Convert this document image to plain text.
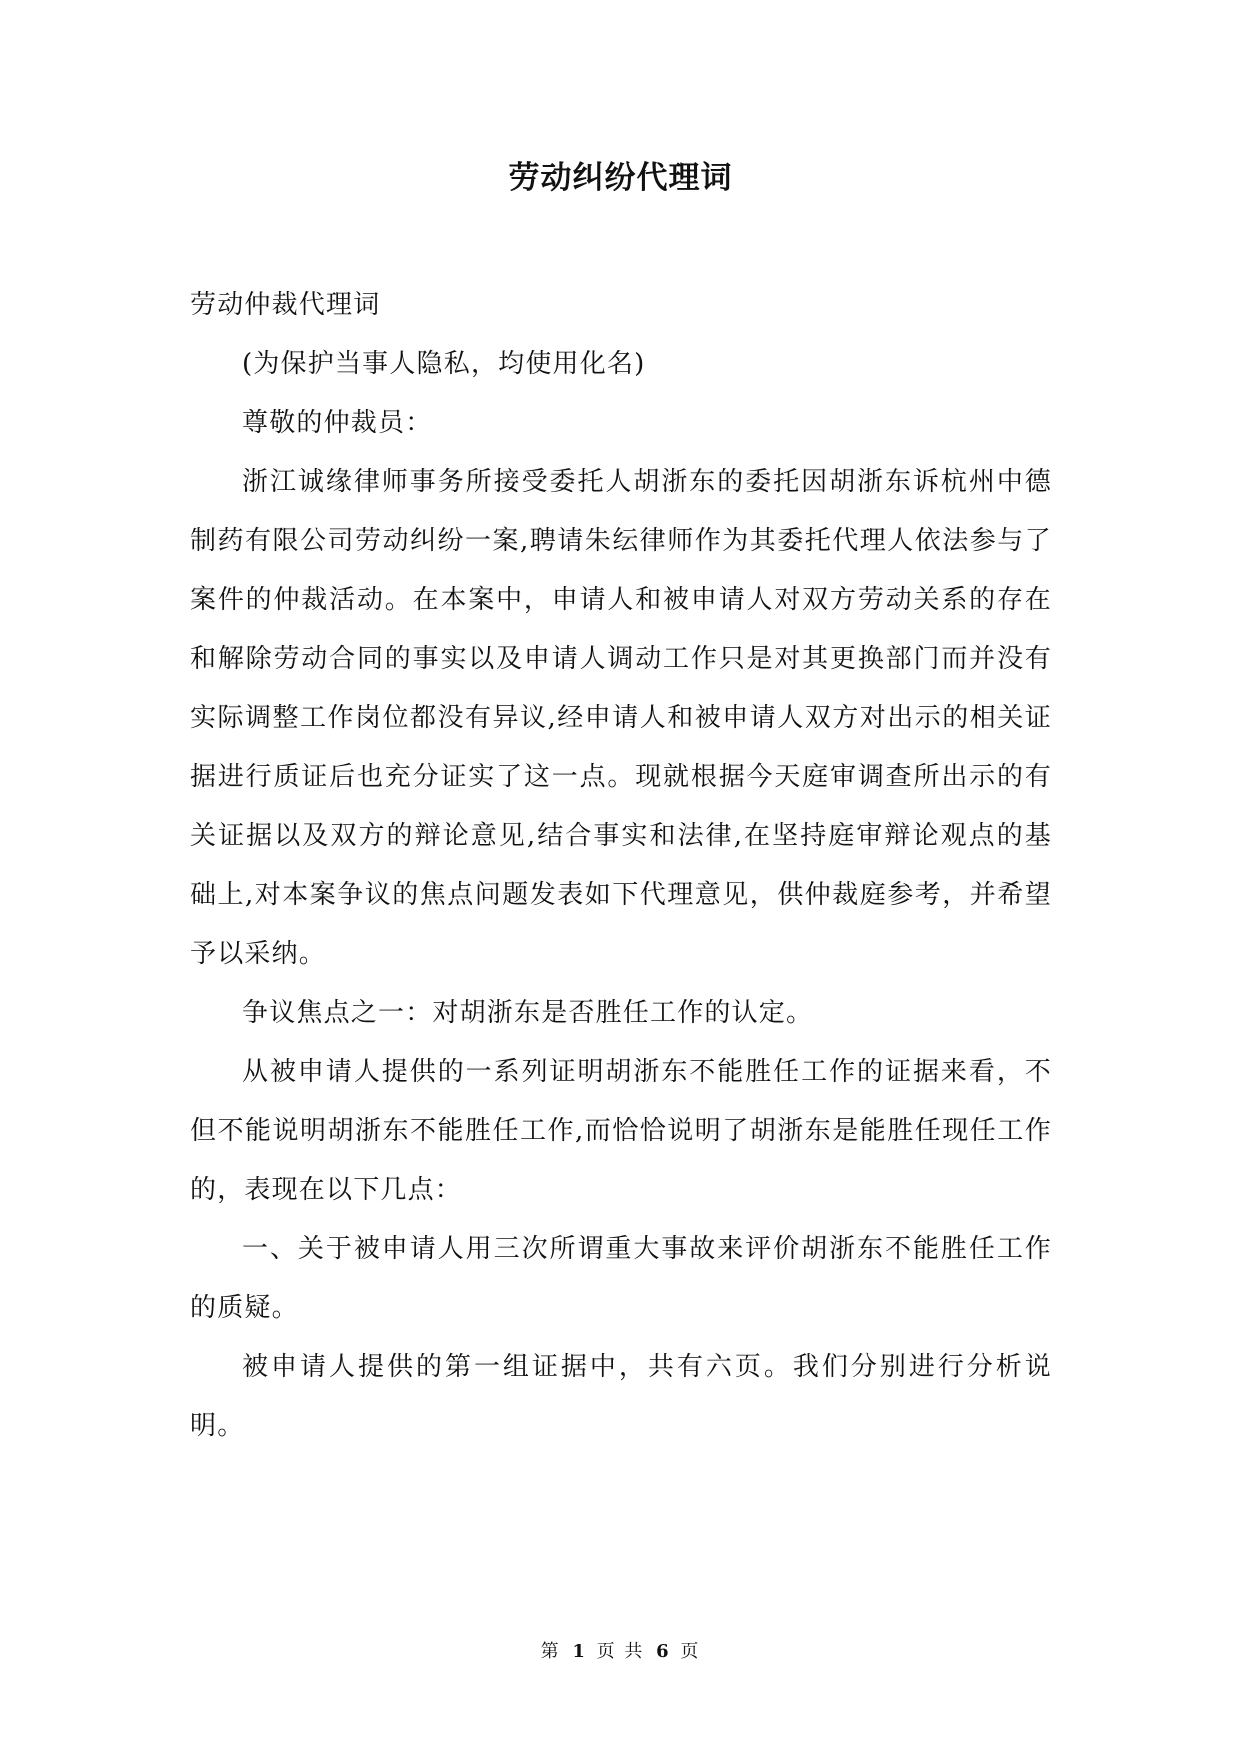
劳动纠纷代理词

劳动仲裁代理词

(为保护当事人隐私，均使用化名)

尊敬的仲裁员：

浙江诚缘律师事务所接受委托人胡浙东的委托因胡浙东诉杭州中德制药有限公司劳动纠纷一案,聘请朱纭律师作为其委托代理人依法参与了案件的仲裁活动。在本案中，申请人和被申请人对双方劳动关系的存在和解除劳动合同的事实以及申请人调动工作只是对其更换部门而并没有实际调整工作岗位都没有异议,经申请人和被申请人双方对出示的相关证据进行质证后也充分证实了这一点。现就根据今天庭审调查所出示的有关证据以及双方的辩论意见,结合事实和法律,在坚持庭审辩论观点的基础上,对本案争议的焦点问题发表如下代理意见，供仲裁庭参考，并希望予以采纳。

争议焦点之一：对胡浙东是否胜任工作的认定。

从被申请人提供的一系列证明胡浙东不能胜任工作的证据来看，不但不能说明胡浙东不能胜任工作,而恰恰说明了胡浙东是能胜任现任工作的，表现在以下几点：

一、关于被申请人用三次所谓重大事故来评价胡浙东不能胜任工作的质疑。

被申请人提供的第一组证据中，共有六页。我们分别进行分析说明。

第 1 页 共 6 页
